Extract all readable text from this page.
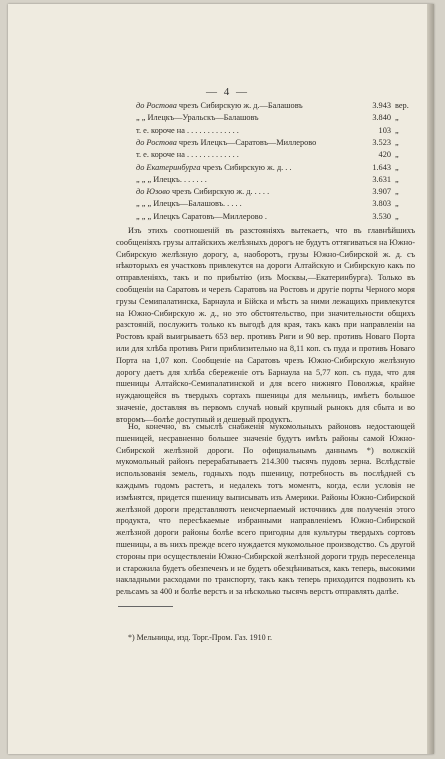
— 4 —
до Ростова чрезъ Сибирскую ж. д.—Балашовъ	3.943 вер.
„ „ Илецкъ—Уральскъ—Балашовъ	3.840 „
т. е. короче на . . . . . . . . . . . . .	103 „
до Ростова чрезъ Илецкъ—Саратовъ—Миллерово	3.523 „
т. е. короче на . . . . . . . . . . . . .	420 „
до Екатеринбурга чрезъ Сибирскую ж. д. . .	1.643 „
„ „ „ Илецкъ. . . . . . .	3.631 „
до Юзово чрезъ Сибирскую ж. д. . . . .	3.907 „
„ „ „ Илецкъ—Балашовъ. . . . .	3.803 „
„ „ „ Илецкъ Саратовъ—Миллерово .	3.530 „

Изъ этихъ соотношеній въ разстояніяхъ вытекаетъ, что въ главнѣйшихъ сообщеніяхъ грузы алтайскихъ желѣзныхъ дорогъ не будутъ оттягиваться на Южно-Сибирскую желѣзную дорогу, а, наоборотъ, грузы Южно-Сибирской ж. д. съ нѣкоторыхъ ея участковъ привлекутся на дороги Алтайскую и Сибирскую какъ по отправленіяхъ, такъ и по прибытію (изъ Москвы,—Екатеринбурга). Только въ сообщеніи на Саратовъ и черезъ Саратовъ на Ростовъ и другіе порты Черного моря грузы Семипалатинска, Барнаула и Бійска и мѣстъ за ними лежащихъ привлекутся на Южно-Сибирскую ж. д., но это обстоятельство, при значительности общихъ разстояній, послужитъ только къ выгодѣ для края, такъ какъ при направленіи на Ростовъ край выигрываетъ 653 вер. противъ Риги и 90 вер. противъ Новаго Порта или для хлѣба противъ Риги приблизительно на 8,11 коп. съ пуда и противъ Новаго Порта на 1,07 коп. Сообщеніе на Саратовъ чрезъ Южно-Сибирскую желѣзную дорогу даетъ для хлѣба сбереженіе отъ Барнаула на 5,77 коп. съ пуда, что для пшеницы Алтайско-Семипалатинской и для всего нижняго Поволжья, крайне нуждающейся въ твердыхъ сортахъ пшеницы для мельницъ, имѣетъ большое значеніе, доставляя въ первомъ случаѣ новый крупный рынокъ для сбыта и во второмъ—болѣе доступный и дешевый продуктъ.

Но, конечно, въ смыслѣ снабженія мукомольныхъ районовъ недостающей пшеницей, несравненно большее значеніе будутъ имѣть районы самой Южно-Сибирской желѣзной дороги. По официальнымъ даннымъ *) волжскій мукомольный районъ перерабатываетъ 214.300 тысячъ пудовъ зерна. Вслѣдствіе использованія земель, годныхъ подъ пшеницу, потребность въ послѣдней съ каждымъ годомъ растетъ, и недалекъ тотъ моментъ, когда, если условія не измѣнятся, придется пшеницу выписывать изъ Америки. Районы Южно-Сибирской желѣзной дороги представляютъ неисчерпаемый источникъ для полученія этого продукта, что пересѣкаемые избранными направленіемъ Южно-Сибирской желѣзной дороги районы болѣе всего пригодны для культуры твердыхъ сортовъ пшеницы, а въ нихъ прежде всего нуждается мукомольное производство. Съ другой стороны при осуществленіи Южно-Сибирской желѣзной дороги трудъ переселенца и старожила будетъ обезпеченъ и не будетъ обезцѣниваться, какъ теперь, высокими накладными расходами по транспорту, такъ какъ теперь приходится подвозить къ рельсамъ за 400 и болѣе верстъ и за нѣсколько тысячъ верстъ отправлять далѣе.

*) Мельницы, изд. Торг.-Пром. Газ. 1910 г.
